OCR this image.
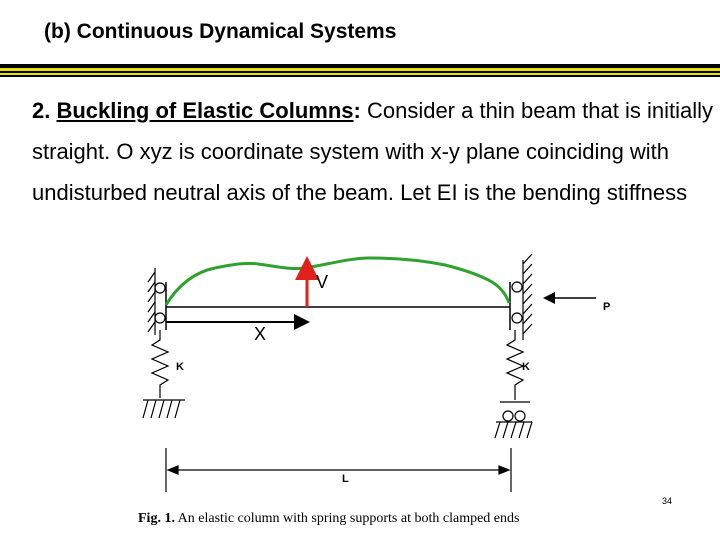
(b) Continuous Dynamical Systems
2. Buckling of Elastic Columns: Consider a thin beam that is initially straight. O xyz is coordinate system with x-y plane coinciding with undisturbed neutral axis of the beam. Let EI is the bending stiffness
V
X
P
K	K
L
34
Fig. 1. An elastic column with spring supports at both clamped ends
